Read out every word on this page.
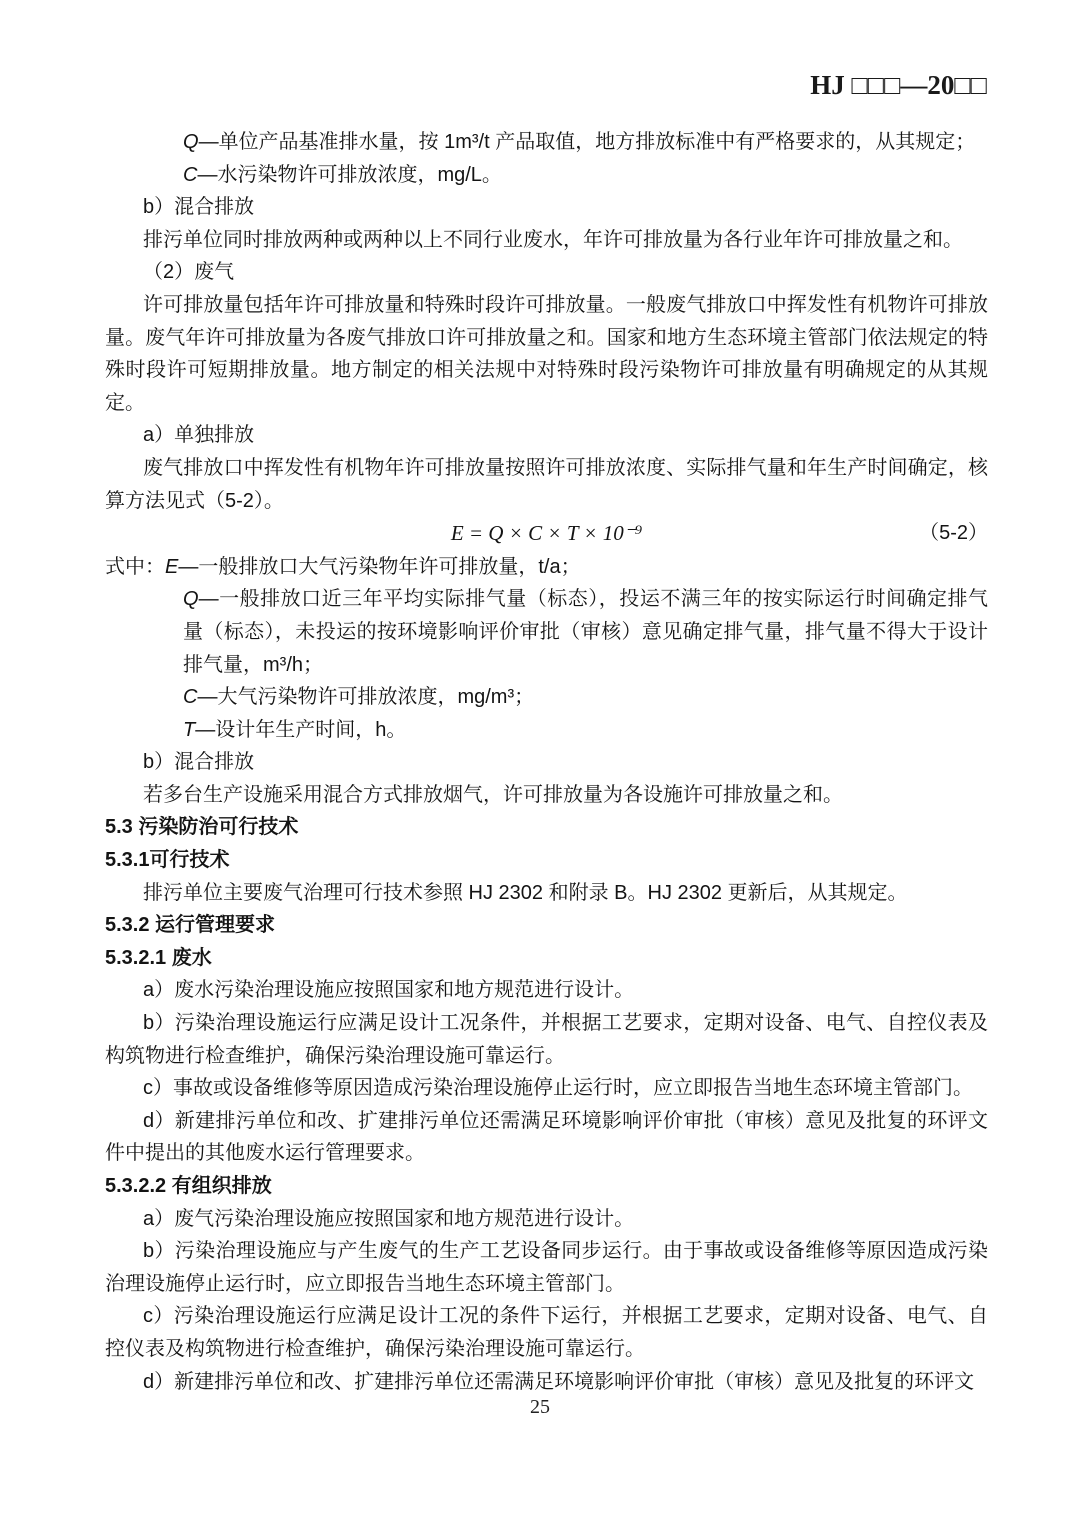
HJ □□□—20□□
Q—单位产品基准排水量，按 1m³/t 产品取值，地方排放标准中有严格要求的，从其规定；
C—水污染物许可排放浓度，mg/L。
b）混合排放
排污单位同时排放两种或两种以上不同行业废水，年许可排放量为各行业年许可排放量之和。
（2）废气
许可排放量包括年许可排放量和特殊时段许可排放量。一般废气排放口中挥发性有机物许可排放量。废气年许可排放量为各废气排放口许可排放量之和。国家和地方生态环境主管部门依法规定的特殊时段许可短期排放量。地方制定的相关法规中对特殊时段污染物许可排放量有明确规定的从其规定。
a）单独排放
废气排放口中挥发性有机物年许可排放量按照许可排放浓度、实际排气量和年生产时间确定，核算方法见式（5-2）。
E = Q × C × T × 10⁻⁹	（5-2）
式中：E—一般排放口大气污染物年许可排放量，t/a；
Q—一般排放口近三年平均实际排气量（标态），投运不满三年的按实际运行时间确定排气量（标态），未投运的按环境影响评价审批（审核）意见确定排气量，排气量不得大于设计排气量，m³/h；
C—大气污染物许可排放浓度，mg/m³；
T—设计年生产时间，h。
b）混合排放
若多台生产设施采用混合方式排放烟气，许可排放量为各设施许可排放量之和。
5.3 污染防治可行技术
5.3.1可行技术
排污单位主要废气治理可行技术参照 HJ 2302 和附录 B。HJ 2302 更新后，从其规定。
5.3.2 运行管理要求
5.3.2.1 废水
a）废水污染治理设施应按照国家和地方规范进行设计。
b）污染治理设施运行应满足设计工况条件，并根据工艺要求，定期对设备、电气、自控仪表及构筑物进行检查维护，确保污染治理设施可靠运行。
c）事故或设备维修等原因造成污染治理设施停止运行时，应立即报告当地生态环境主管部门。
d）新建排污单位和改、扩建排污单位还需满足环境影响评价审批（审核）意见及批复的环评文件中提出的其他废水运行管理要求。
5.3.2.2 有组织排放
a）废气污染治理设施应按照国家和地方规范进行设计。
b）污染治理设施应与产生废气的生产工艺设备同步运行。由于事故或设备维修等原因造成污染治理设施停止运行时，应立即报告当地生态环境主管部门。
c）污染治理设施运行应满足设计工况的条件下运行，并根据工艺要求，定期对设备、电气、自控仪表及构筑物进行检查维护，确保污染治理设施可靠运行。
d）新建排污单位和改、扩建排污单位还需满足环境影响评价审批（审核）意见及批复的环评文
25
